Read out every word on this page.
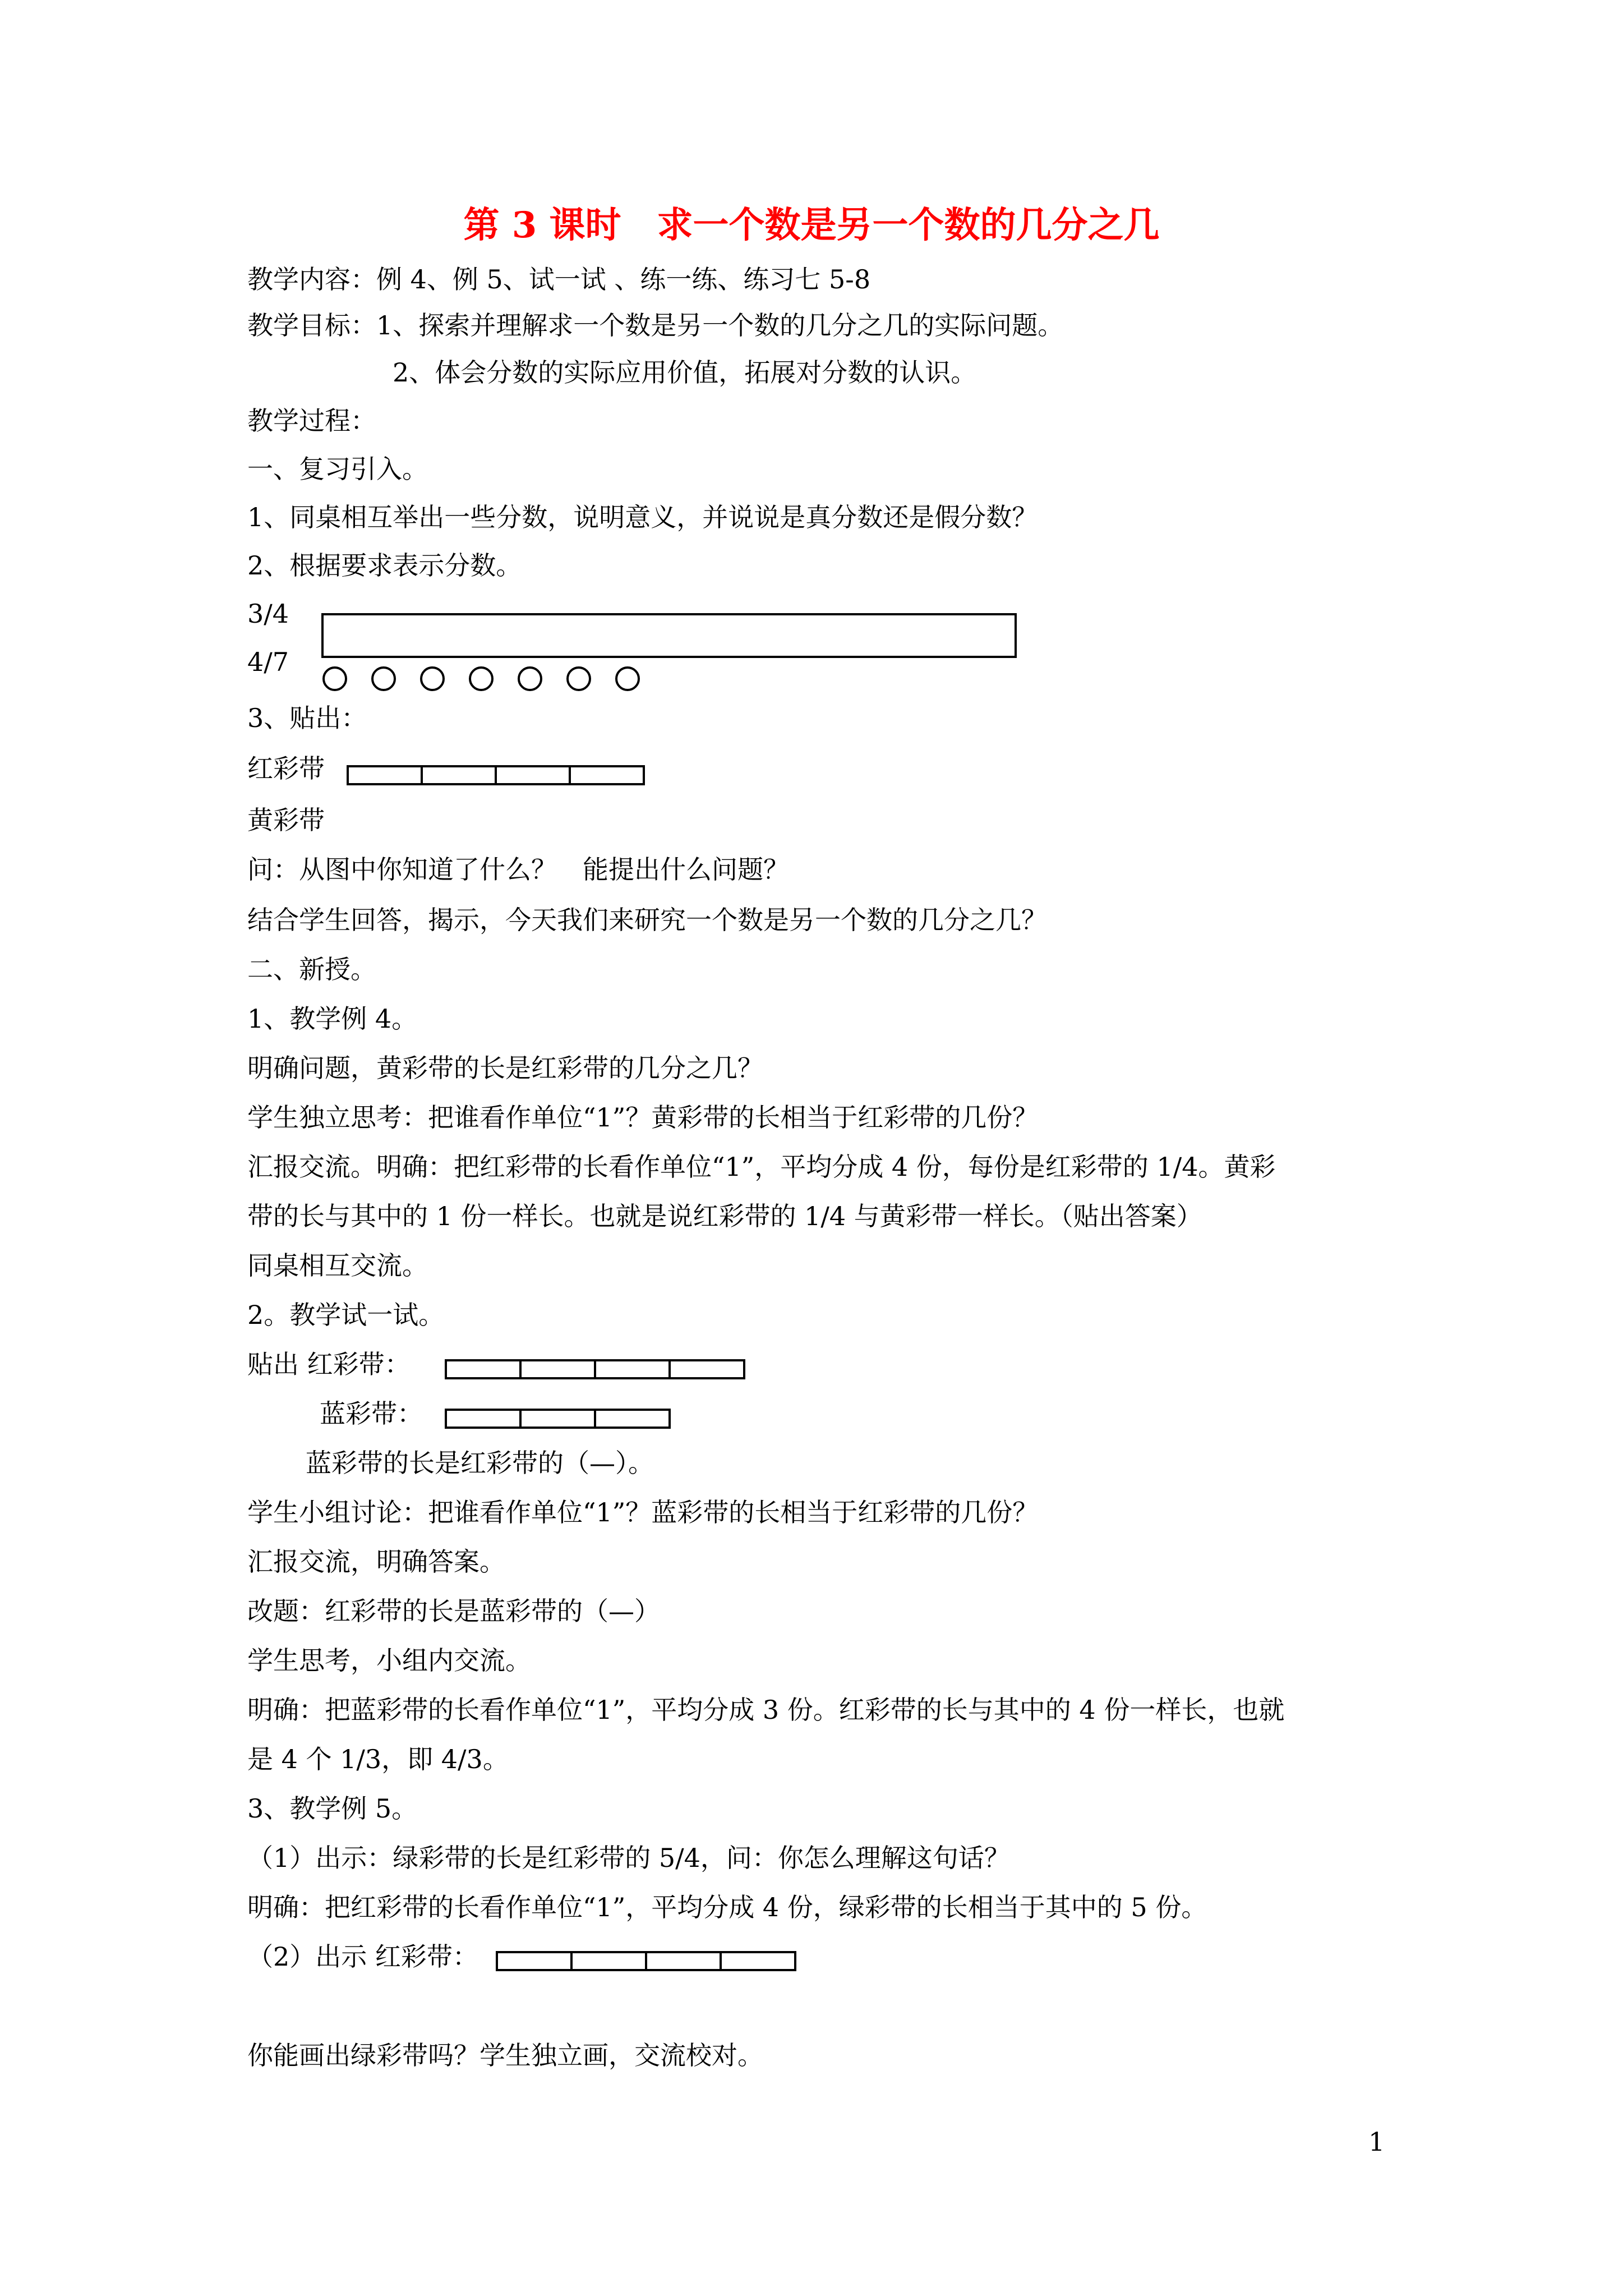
第 3 课时　求一个数是另一个数的几分之几
教学内容：例 4、例 5、试一试 、练一练、练习七 5-8
教学目标：1、探索并理解求一个数是另一个数的几分之几的实际问题。
2、体会分数的实际应用价值，拓展对分数的认识。
教学过程：
一、复习引入。
1、同桌相互举出一些分数，说明意义，并说说是真分数还是假分数？
2、根据要求表示分数。
3/4
4/7
3、贴出：
红彩带
黄彩带
问：从图中你知道了什么？　能提出什么问题？
结合学生回答，揭示，今天我们来研究一个数是另一个数的几分之几？
二、新授。
1、教学例 4。
明确问题，黄彩带的长是红彩带的几分之几？
学生独立思考：把谁看作单位“1”？黄彩带的长相当于红彩带的几份？
汇报交流。明确：把红彩带的长看作单位“1”，平均分成 4 份，每份是红彩带的 1/4。黄彩
带的长与其中的 1 份一样长。也就是说红彩带的 1/4 与黄彩带一样长。（贴出答案）
同桌相互交流。
2。教学试一试。
贴出 红彩带：
蓝彩带：
蓝彩带的长是红彩带的（—）。
学生小组讨论：把谁看作单位“1”？蓝彩带的长相当于红彩带的几份？
汇报交流，明确答案。
改题：红彩带的长是蓝彩带的（—）
学生思考，小组内交流。
明确：把蓝彩带的长看作单位“1”，平均分成 3 份。红彩带的长与其中的 4 份一样长，也就
是 4 个 1/3，即 4/3。
3、教学例 5。
（1）出示：绿彩带的长是红彩带的 5/4，问：你怎么理解这句话？
明确：把红彩带的长看作单位“1”，平均分成 4 份，绿彩带的长相当于其中的 5 份。
（2）出示 红彩带：
你能画出绿彩带吗？学生独立画，交流校对。
1
